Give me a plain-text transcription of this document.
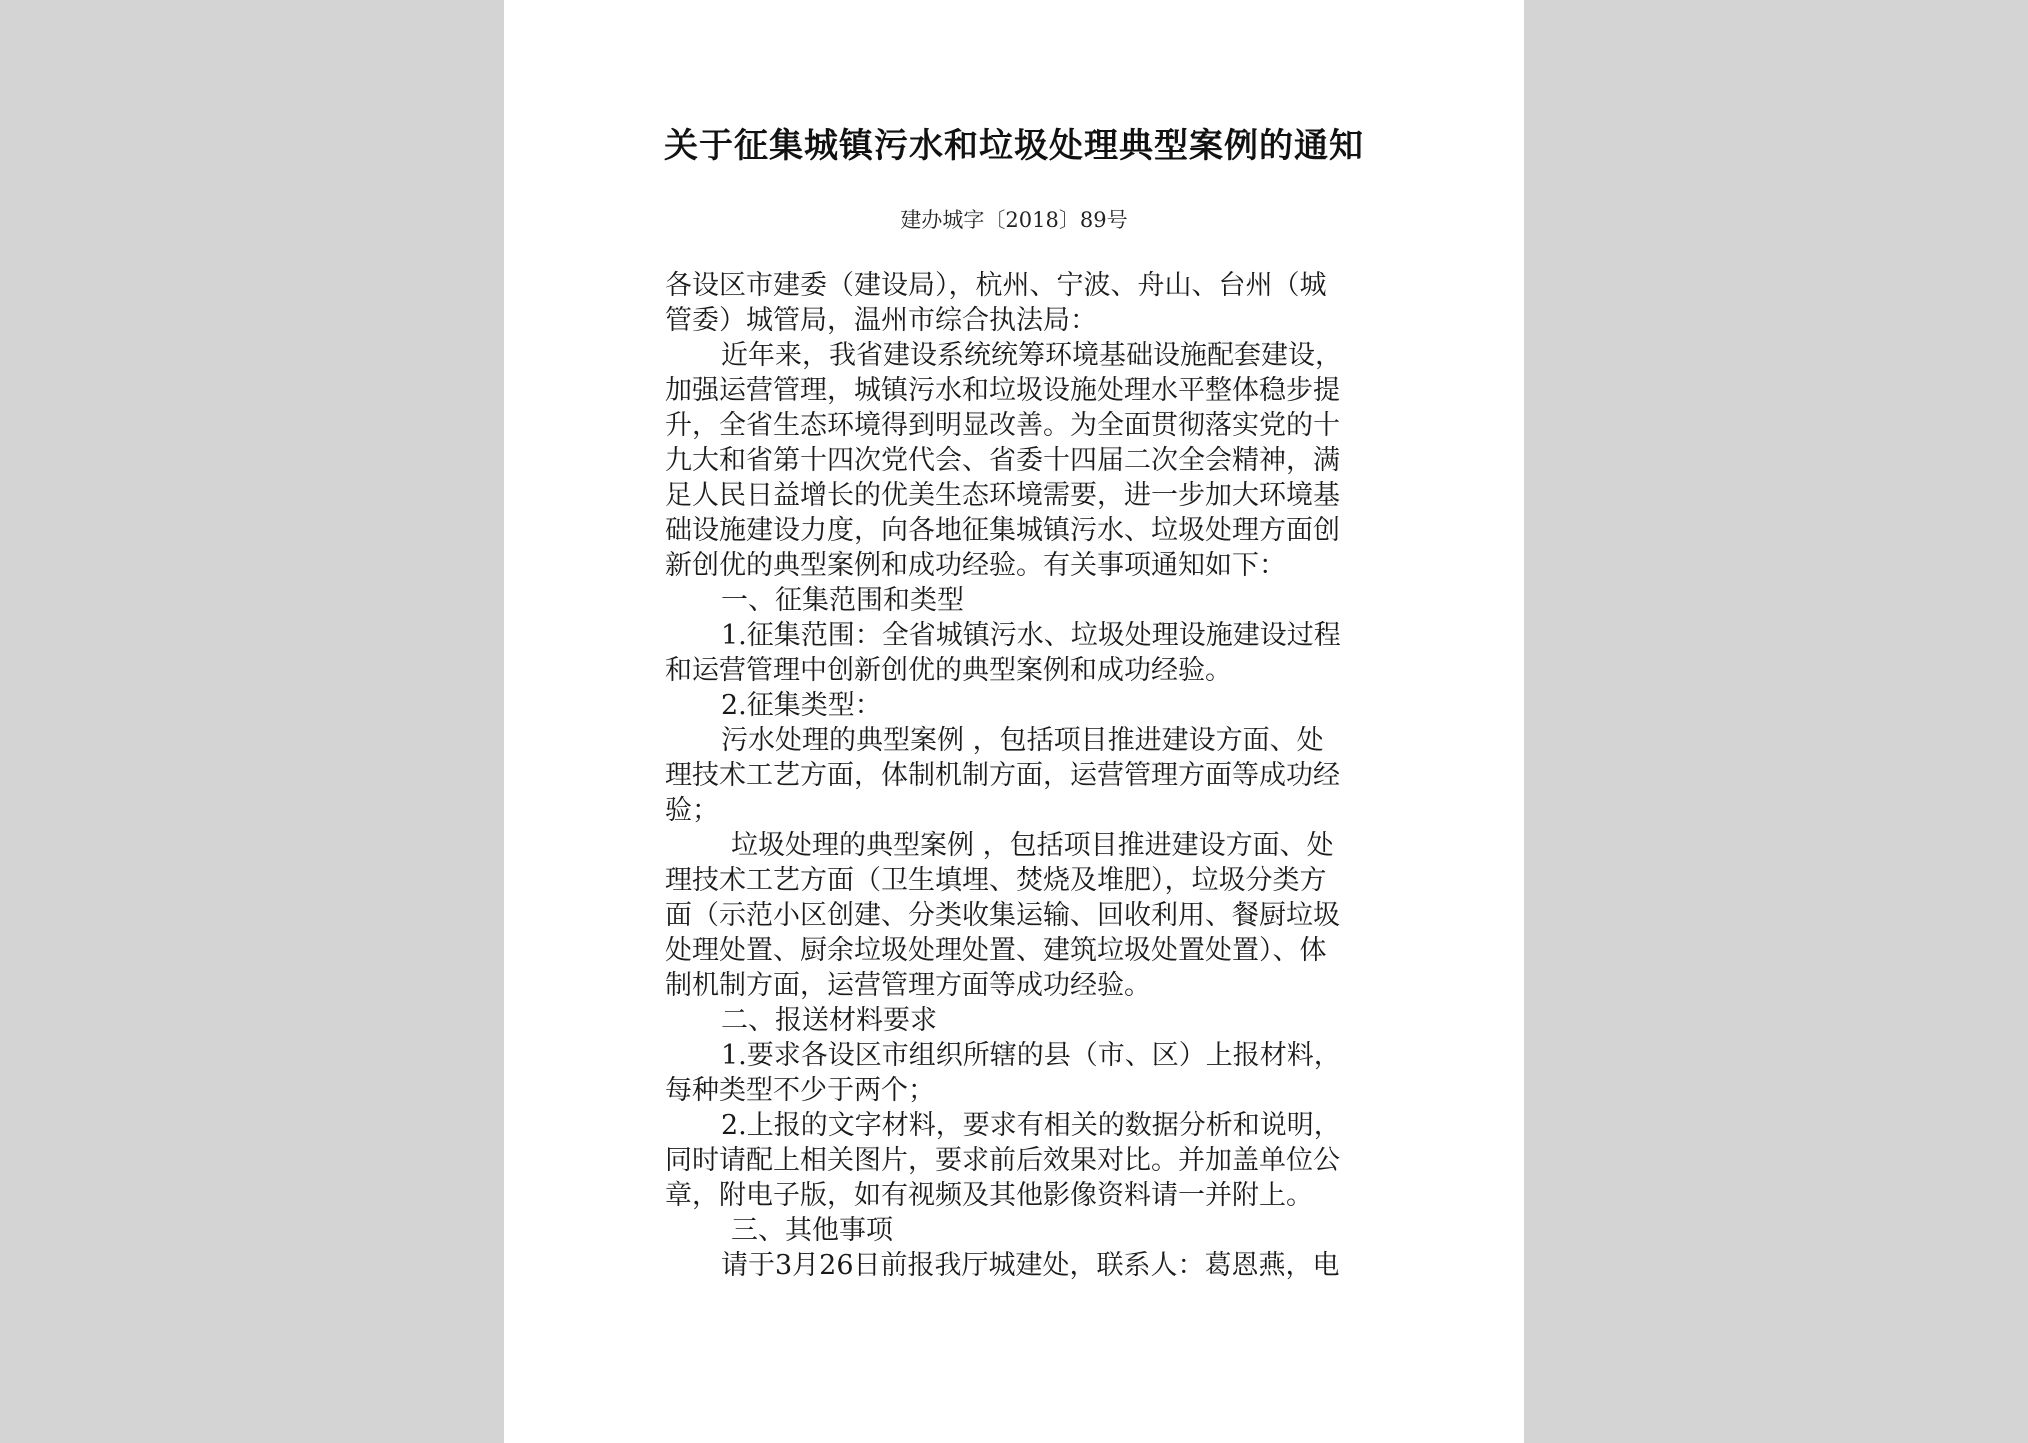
关于征集城镇污水和垃圾处理典型案例的通知
建办城字〔2018〕89号
各设区市建委（建设局），杭州、宁波、舟山、台州（城
管委）城管局，温州市综合执法局：
近年来，我省建设系统统筹环境基础设施配套建设，
加强运营管理，城镇污水和垃圾设施处理水平整体稳步提
升，全省生态环境得到明显改善。为全面贯彻落实党的十
九大和省第十四次党代会、省委十四届二次全会精神，满
足人民日益增长的优美生态环境需要，进一步加大环境基
础设施建设力度，向各地征集城镇污水、垃圾处理方面创
新创优的典型案例和成功经验。有关事项通知如下：
一、征集范围和类型
1.征集范围：全省城镇污水、垃圾处理设施建设过程
和运营管理中创新创优的典型案例和成功经验。
2.征集类型：
污水处理的典型案例 ，包括项目推进建设方面、处
理技术工艺方面，体制机制方面，运营管理方面等成功经
验；
垃圾处理的典型案例 ，包括项目推进建设方面、处
理技术工艺方面（卫生填埋、焚烧及堆肥），垃圾分类方
面（示范小区创建、分类收集运输、回收利用、餐厨垃圾
处理处置、厨余垃圾处理处置、建筑垃圾处置处置）、体
制机制方面，运营管理方面等成功经验。
二、报送材料要求
1.要求各设区市组织所辖的县（市、区）上报材料，
每种类型不少于两个；
2.上报的文字材料，要求有相关的数据分析和说明，
同时请配上相关图片，要求前后效果对比。并加盖单位公
章，附电子版，如有视频及其他影像资料请一并附上。
三、其他事项
请于3月26日前报我厅城建处，联系人：葛恩燕，电
